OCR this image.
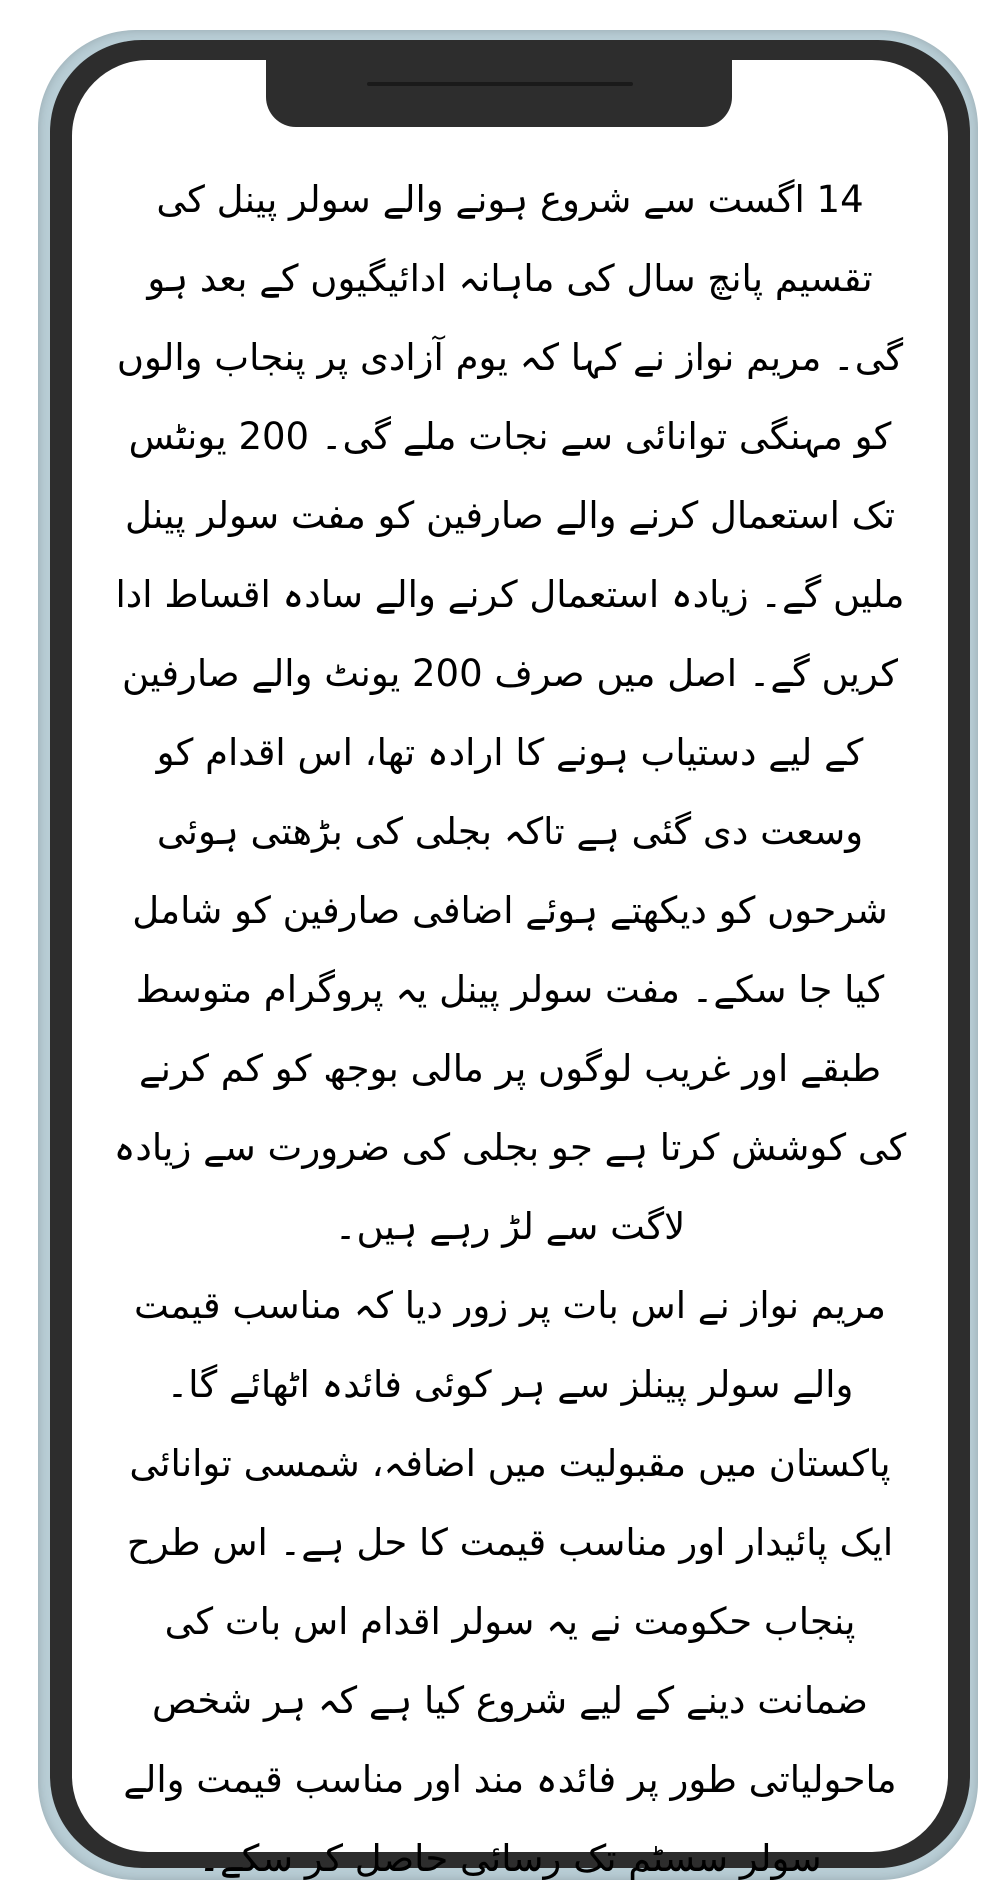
14 اگست سے شروع ہونے والے سولر پینل کی تقسیم پانچ سال کی ماہانہ ادائیگیوں کے بعد ہو گی۔ مریم نواز نے کہا کہ یوم آزادی پر پنجاب والوں کو مہنگی توانائی سے نجات ملے گی۔ 200 یونٹس تک استعمال کرنے والے صارفین کو مفت سولر پینل ملیں گے۔ زیادہ استعمال کرنے والے سادہ اقساط ادا کریں گے۔ اصل میں صرف 200 یونٹ والے صارفین کے لیے دستیاب ہونے کا ارادہ تھا، اس اقدام کو وسعت دی گئی ہے تاکہ بجلی کی بڑھتی ہوئی شرحوں کو دیکھتے ہوئے اضافی صارفین کو شامل کیا جا سکے۔ مفت سولر پینل یہ پروگرام متوسط طبقے اور غریب لوگوں پر مالی بوجھ کو کم کرنے کی کوشش کرتا ہے جو بجلی کی ضرورت سے زیادہ لاگت سے لڑ رہے ہیں۔

مریم نواز نے اس بات پر زور دیا کہ مناسب قیمت والے سولر پینلز سے ہر کوئی فائدہ اٹھائے گا۔ پاکستان میں مقبولیت میں اضافہ، شمسی توانائی ایک پائیدار اور مناسب قیمت کا حل ہے۔ اس طرح پنجاب حکومت نے یہ سولر اقدام اس بات کی ضمانت دینے کے لیے شروع کیا ہے کہ ہر شخص ماحولیاتی طور پر فائدہ مند اور مناسب قیمت والے سولر سسٹم تک رسائی حاصل کر سکے۔
